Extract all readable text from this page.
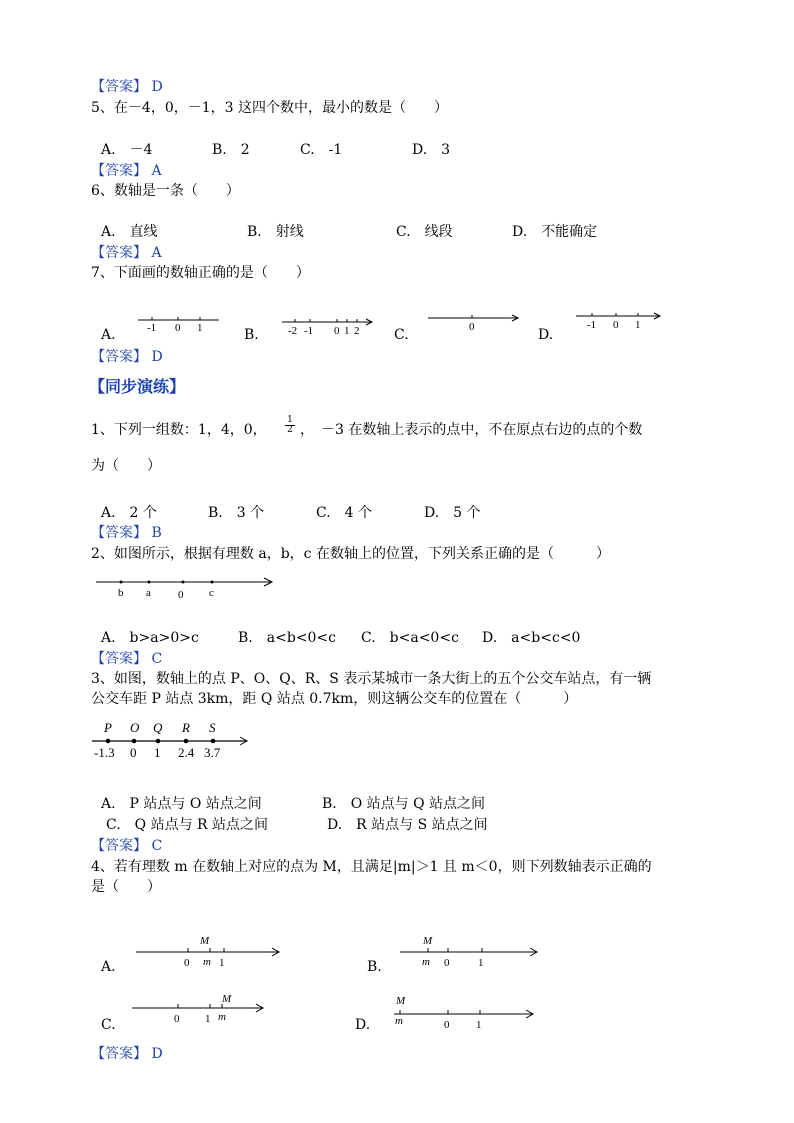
【答案】 D
5、在－4，0，－1，3 这四个数中，最小的数是（　　）
A.　－4	B.　2	C.　-1	D.　3
【答案】 A
6、数轴是一条（　　）
A.　直线	B.　射线	C.　线段	D.　不能确定
【答案】 A
7、下面画的数轴正确的是（　　）
A.	B.	C.	D.
-1 0 1	-2 -1 0 1 2	0	-1 0 1
【答案】 D
【同步演练】
1、下列一组数：1，4，0， $\frac{1}{2}$ ，　－3 在数轴上表示的点中，不在原点右边的点的个数
为（　　）
A.　2 个	B.　3 个	C.　4 个	D.　5 个
【答案】 B
2、如图所示，根据有理数 a，b，c 在数轴上的位置，下列关系正确的是（　　　）
b a 0 c
A.　b>a>0>c	B.　a<b<0<c C.　b<a<0<c D.　a<b<c<0
【答案】 C
3、如图，数轴上的点 P、O、Q、R、S 表示某城市一条大街上的五个公交车站点，有一辆
公交车距 P 站点 3km，距 Q 站点 0.7km，则这辆公交车的位置在（　　　）
P O Q R S
-1.3 0 1 2.4 3.7
A.　P 站点与 O 站点之间	B.　O 站点与 Q 站点之间
C.　Q 站点与 R 站点之间	D.　R 站点与 S 站点之间
【答案】 C
4、若有理数 m 在数轴上对应的点为 M，且满足|m|＞1 且 m＜0，则下列数轴表示正确的
是（　　）
A.
M
0 m 1	B.
M
m 0	1
C.
M
0 1 m	D.
M
m	0 1
【答案】 D
